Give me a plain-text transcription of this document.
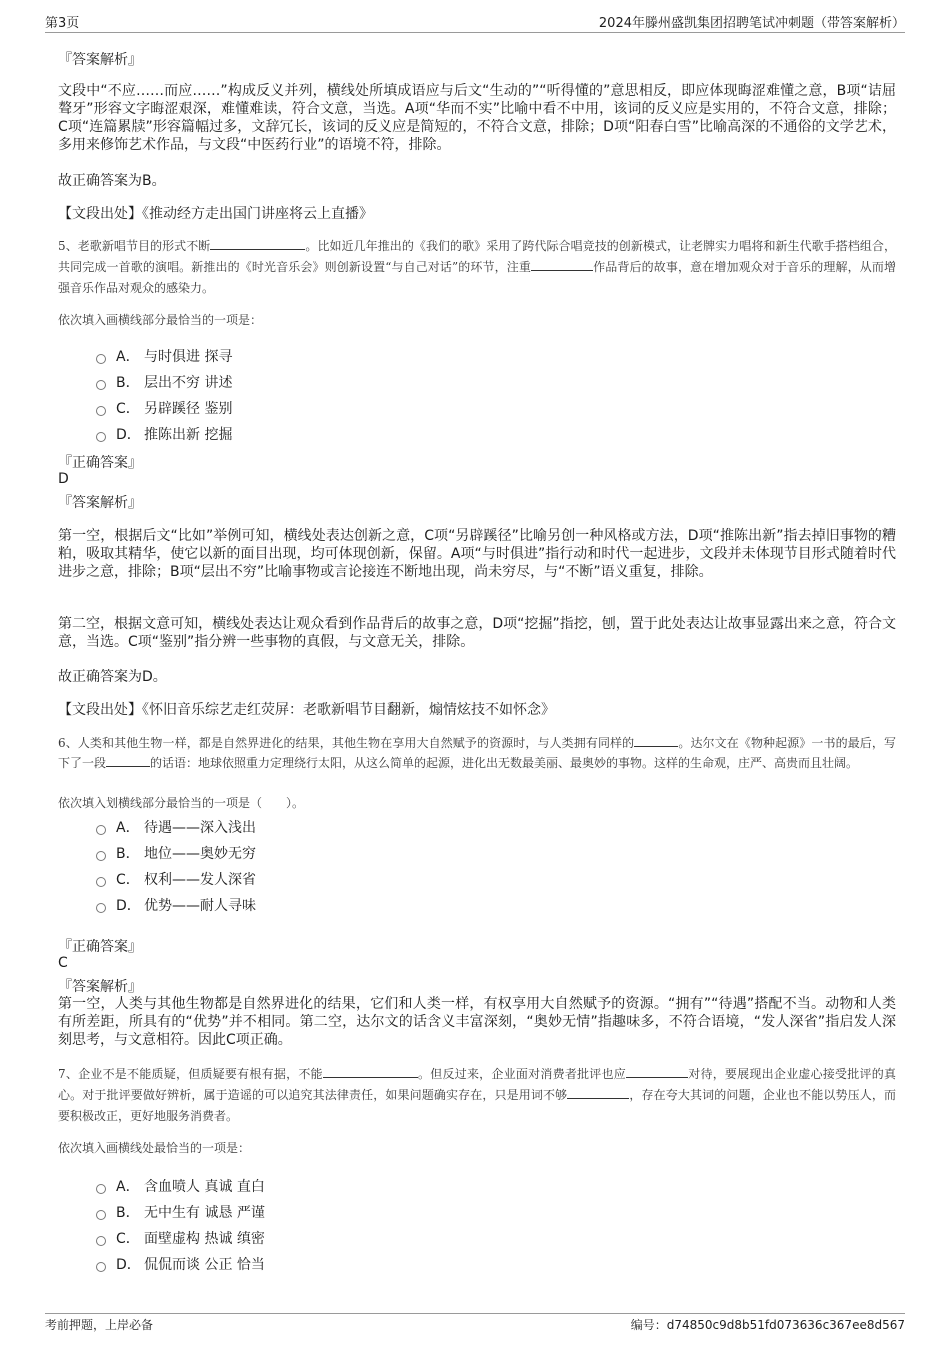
第3页	2024年滕州盛凯集团招聘笔试冲刺题（带答案解析）
『答案解析』

文段中“不应……而应……”构成反义并列，横线处所填成语应与后文“生动的”“听得懂的”意思相反，即应体现晦涩难懂之意，B项“诘屈聱牙”形容文字晦涩艰深，难懂难读，符合文意，当选。A项“华而不实”比喻中看不中用，该词的反义应是实用的，不符合文意，排除；C项“连篇累牍”形容篇幅过多，文辞冗长，该词的反义应是简短的，不符合文意，排除；D项“阳春白雪”比喻高深的不通俗的文学艺术，多用来修饰艺术作品，与文段“中医药行业”的语境不符，排除。

故正确答案为B。
【文段出处】《推动经方走出国门讲座将云上直播》

5、老歌新唱节目的形式不断	。比如近几年推出的《我们的歌》采用了跨代际合唱竞技的创新模式，让老牌实力唱将和新生代歌手搭档组合，共同完成一首歌的演唱。新推出的《时光音乐会》则创新设置“与自己对话”的环节，注重	作品背后的故事，意在增加观众对于音乐的理解，从而增强音乐作品对观众的感染力。

依次填入画横线部分最恰当的一项是：
A． 与时俱进 探寻
B． 层出不穷 讲述
C． 另辟蹊径 鉴别
D． 推陈出新 挖掘
『正确答案』
D
『答案解析』

第一空，根据后文“比如”举例可知，横线处表达创新之意，C项“另辟蹊径”比喻另创一种风格或方法，D项“推陈出新”指去掉旧事物的糟粕，吸取其精华，使它以新的面目出现，均可体现创新，保留。A项“与时俱进”指行动和时代一起进步，文段并未体现节目形式随着时代进步之意，排除；B项“层出不穷”比喻事物或言论接连不断地出现，尚未穷尽，与“不断”语义重复，排除。

第二空，根据文意可知，横线处表达让观众看到作品背后的故事之意，D项“挖掘”指挖，刨，置于此处表达让故事显露出来之意，符合文意，当选。C项“鉴别”指分辨一些事物的真假，与文意无关，排除。

故正确答案为D。
【文段出处】《怀旧音乐综艺走红荧屏：老歌新唱节目翻新，煽情炫技不如怀念》

6、人类和其他生物一样，都是自然界进化的结果，其他生物在享用大自然赋予的资源时，与人类拥有同样的	。达尔文在《物种起源》一书的最后，写下了一段	的话语：地球依照重力定理绕行太阳，从这么简单的起源，进化出无数最美丽、最奥妙的事物。这样的生命观，庄严、高贵而且壮阔。

依次填入划横线部分最恰当的一项是（　　）。
A． 待遇——深入浅出
B． 地位——奥妙无穷
C． 权利——发人深省
D． 优势——耐人寻味
『正确答案』
C
『答案解析』

第一空，人类与其他生物都是自然界进化的结果，它们和人类一样，有权享用大自然赋予的资源。“拥有”“待遇”搭配不当。动物和人类有所差距，所具有的“优势”并不相同。第二空，达尔文的话含义丰富深刻，“奥妙无情”指趣味多，不符合语境，“发人深省”指启发人深刻思考，与文意相符。因此C项正确。

7、企业不是不能质疑，但质疑要有根有据，不能	。但反过来，企业面对消费者批评也应	对待，要展现出企业虚心接受批评的真心。对于批评要做好辨析，属于造谣的可以追究其法律责任，如果问题确实存在，只是用词不够	，存在夸大其词的问题，企业也不能以势压人，而要积极改正，更好地服务消费者。

依次填入画横线处最恰当的一项是：
A． 含血喷人 真诚 直白
B． 无中生有 诚恳 严谨
C． 面壁虚构 热诚 缜密
D． 侃侃而谈 公正 恰当
考前押题，上岸必备	编号：d74850c9d8b51fd073636c367ee8d567
